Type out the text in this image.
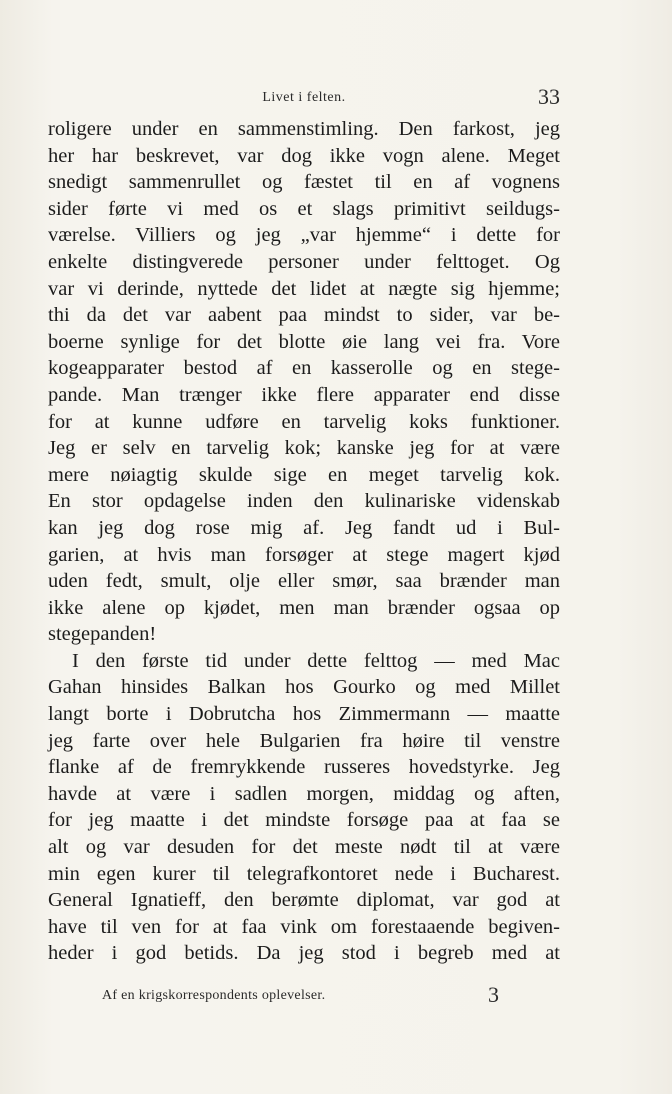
Livet i felten.	33
roligere under en sammenstimling. Den farkost, jeg
her har beskrevet, var dog ikke vogn alene. Meget
snedigt sammenrullet og fæstet til en af vognens
sider førte vi med os et slags primitivt seildugs-
værelse. Villiers og jeg „var hjemme“ i dette for
enkelte distingverede personer under felttoget. Og
var vi derinde, nyttede det lidet at nægte sig hjemme;
thi da det var aabent paa mindst to sider, var be-
boerne synlige for det blotte øie lang vei fra. Vore
kogeapparater bestod af en kasserolle og en stege-
pande. Man trænger ikke flere apparater end disse
for at kunne udføre en tarvelig koks funktioner.
Jeg er selv en tarvelig kok; kanske jeg for at være
mere nøiagtig skulde sige en meget tarvelig kok.
En stor opdagelse inden den kulinariske videnskab
kan jeg dog rose mig af. Jeg fandt ud i Bul-
garien, at hvis man forsøger at stege magert kjød
uden fedt, smult, olje eller smør, saa brænder man
ikke alene op kjødet, men man brænder ogsaa op
stegepanden!
I den første tid under dette felttog — med Mac
Gahan hinsides Balkan hos Gourko og med Millet
langt borte i Dobrutcha hos Zimmermann — maatte
jeg farte over hele Bulgarien fra høire til venstre
flanke af de fremrykkende russeres hovedstyrke. Jeg
havde at være i sadlen morgen, middag og aften,
for jeg maatte i det mindste forsøge paa at faa se
alt og var desuden for det meste nødt til at være
min egen kurer til telegrafkontoret nede i Bucharest.
General Ignatieff, den berømte diplomat, var god at
have til ven for at faa vink om forestaaende begiven-
heder i god betids. Da jeg stod i begreb med at
Af en krigskorrespondents oplevelser.	3
